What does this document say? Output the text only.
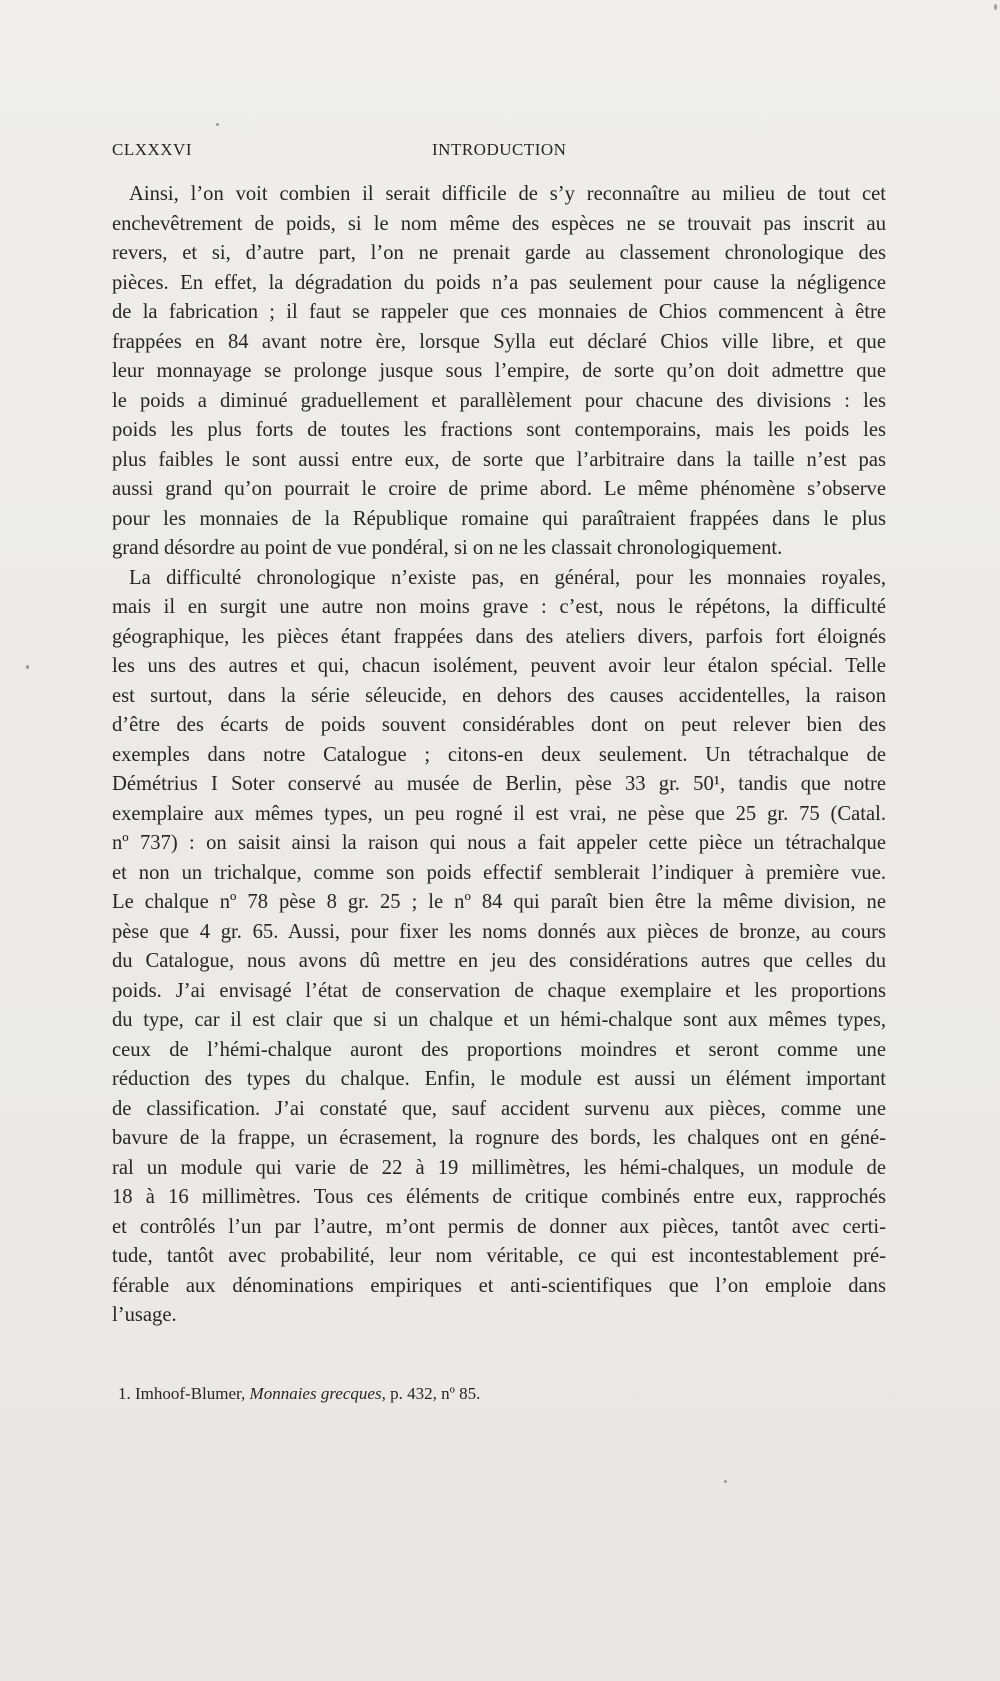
CLXXXVI	INTRODUCTION

Ainsi, l’on voit combien il serait difficile de s’y reconnaître au milieu de tout cet
enchevêtrement de poids, si le nom même des espèces ne se trouvait pas inscrit au
revers, et si, d’autre part, l’on ne prenait garde au classement chronologique des
pièces. En effet, la dégradation du poids n’a pas seulement pour cause la négligence
de la fabrication ; il faut se rappeler que ces monnaies de Chios commencent à être
frappées en 84 avant notre ère, lorsque Sylla eut déclaré Chios ville libre, et que
leur monnayage se prolonge jusque sous l’empire, de sorte qu’on doit admettre que
le poids a diminué graduellement et parallèlement pour chacune des divisions : les
poids les plus forts de toutes les fractions sont contemporains, mais les poids les
plus faibles le sont aussi entre eux, de sorte que l’arbitraire dans la taille n’est pas
aussi grand qu’on pourrait le croire de prime abord. Le même phénomène s’observe
pour les monnaies de la République romaine qui paraîtraient frappées dans le plus
grand désordre au point de vue pondéral, si on ne les classait chronologiquement.

La difficulté chronologique n’existe pas, en général, pour les monnaies royales,
mais il en surgit une autre non moins grave : c’est, nous le répétons, la difficulté
géographique, les pièces étant frappées dans des ateliers divers, parfois fort éloignés
les uns des autres et qui, chacun isolément, peuvent avoir leur étalon spécial. Telle
est surtout, dans la série séleucide, en dehors des causes accidentelles, la raison
d’être des écarts de poids souvent considérables dont on peut relever bien des
exemples dans notre Catalogue ; citons-en deux seulement. Un tétrachalque de
Démétrius I Soter conservé au musée de Berlin, pèse 33 gr. 50¹, tandis que notre
exemplaire aux mêmes types, un peu rogné il est vrai, ne pèse que 25 gr. 75 (Catal.
nº 737) : on saisit ainsi la raison qui nous a fait appeler cette pièce un tétrachalque
et non un trichalque, comme son poids effectif semblerait l’indiquer à première vue.
Le chalque nº 78 pèse 8 gr. 25 ; le nº 84 qui paraît bien être la même division, ne
pèse que 4 gr. 65. Aussi, pour fixer les noms donnés aux pièces de bronze, au cours
du Catalogue, nous avons dû mettre en jeu des considérations autres que celles du
poids. J’ai envisagé l’état de conservation de chaque exemplaire et les proportions
du type, car il est clair que si un chalque et un hémi-chalque sont aux mêmes types,
ceux de l’hémi-chalque auront des proportions moindres et seront comme une
réduction des types du chalque. Enfin, le module est aussi un élément important
de classification. J’ai constaté que, sauf accident survenu aux pièces, comme une
bavure de la frappe, un écrasement, la rognure des bords, les chalques ont en géné-
ral un module qui varie de 22 à 19 millimètres, les hémi-chalques, un module de
18 à 16 millimètres. Tous ces éléments de critique combinés entre eux, rapprochés
et contrôlés l’un par l’autre, m’ont permis de donner aux pièces, tantôt avec certi-
tude, tantôt avec probabilité, leur nom véritable, ce qui est incontestablement pré-
férable aux dénominations empiriques et anti-scientifiques que l’on emploie dans
l’usage.

1. Imhoof-Blumer, Monnaies grecques, p. 432, nº 85.
